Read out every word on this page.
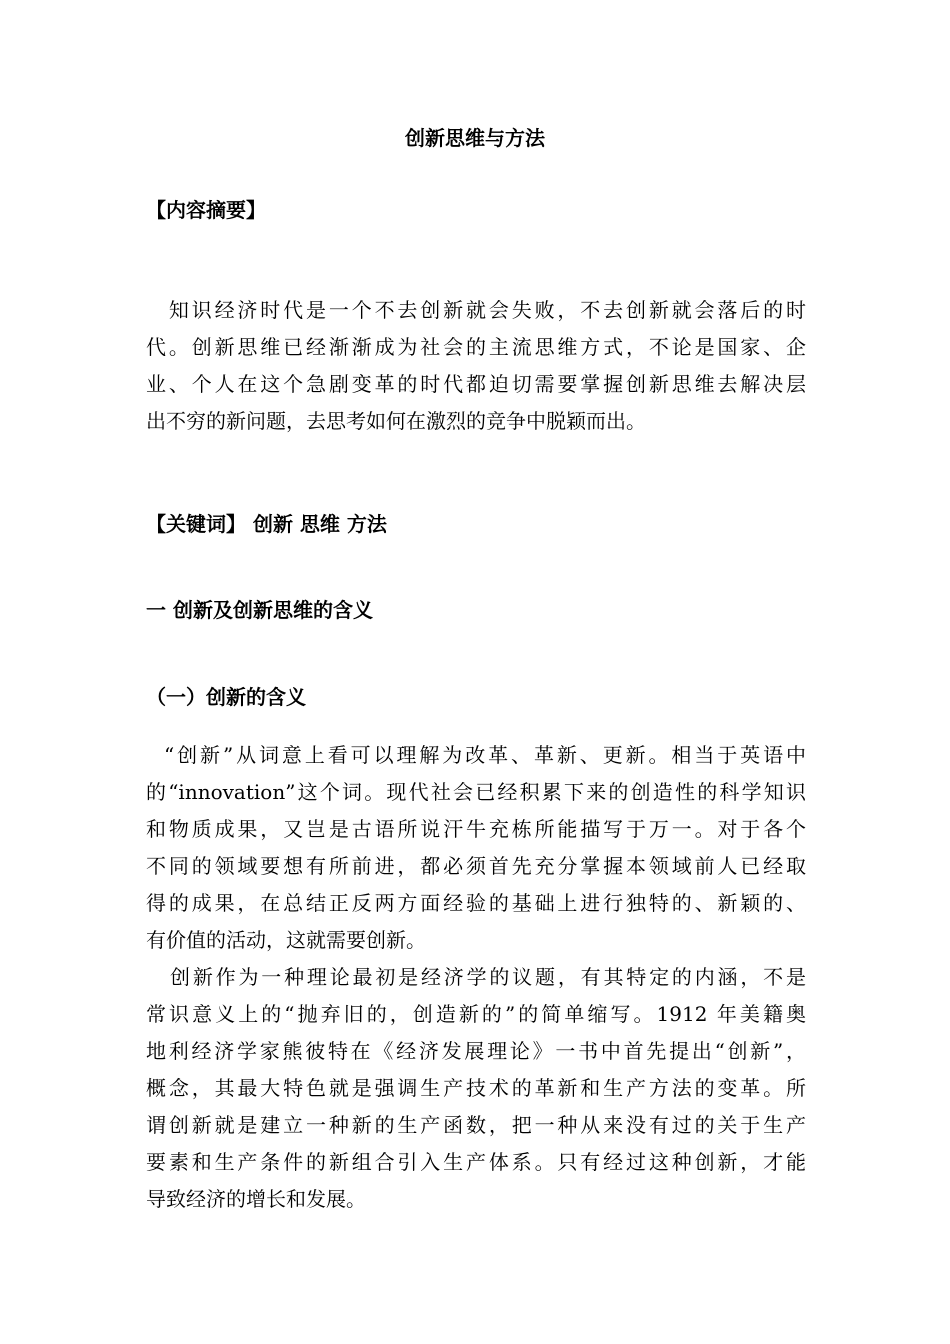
创新思维与方法
【内容摘要】
　知识经济时代是一个不去创新就会失败，不去创新就会落后的时
代。创新思维已经渐渐成为社会的主流思维方式，不论是国家、企
业、个人在这个急剧变革的时代都迫切需要掌握创新思维去解决层
出不穷的新问题，去思考如何在激烈的竞争中脱颖而出。
【关键词】 创新 思维 方法
一 创新及创新思维的含义
（一）创新的含义
“创新”从词意上看可以理解为改革、革新、更新。相当于英语中
的“innovation”这个词。现代社会已经积累下来的创造性的科学知识
和物质成果，又岂是古语所说汗牛充栋所能描写于万一。对于各个
不同的领域要想有所前进，都必须首先充分掌握本领域前人已经取
得的成果，在总结正反两方面经验的基础上进行独特的、新颖的、
有价值的活动，这就需要创新。
创新作为一种理论最初是经济学的议题，有其特定的内涵，不是
常识意义上的“抛弃旧的，创造新的”的简单缩写。1912 年美籍奥
地利经济学家熊彼特在《经济发展理论》一书中首先提出“创新”，
概念，其最大特色就是强调生产技术的革新和生产方法的变革。所
谓创新就是建立一种新的生产函数，把一种从来没有过的关于生产
要素和生产条件的新组合引入生产体系。只有经过这种创新，才能
导致经济的增长和发展。
